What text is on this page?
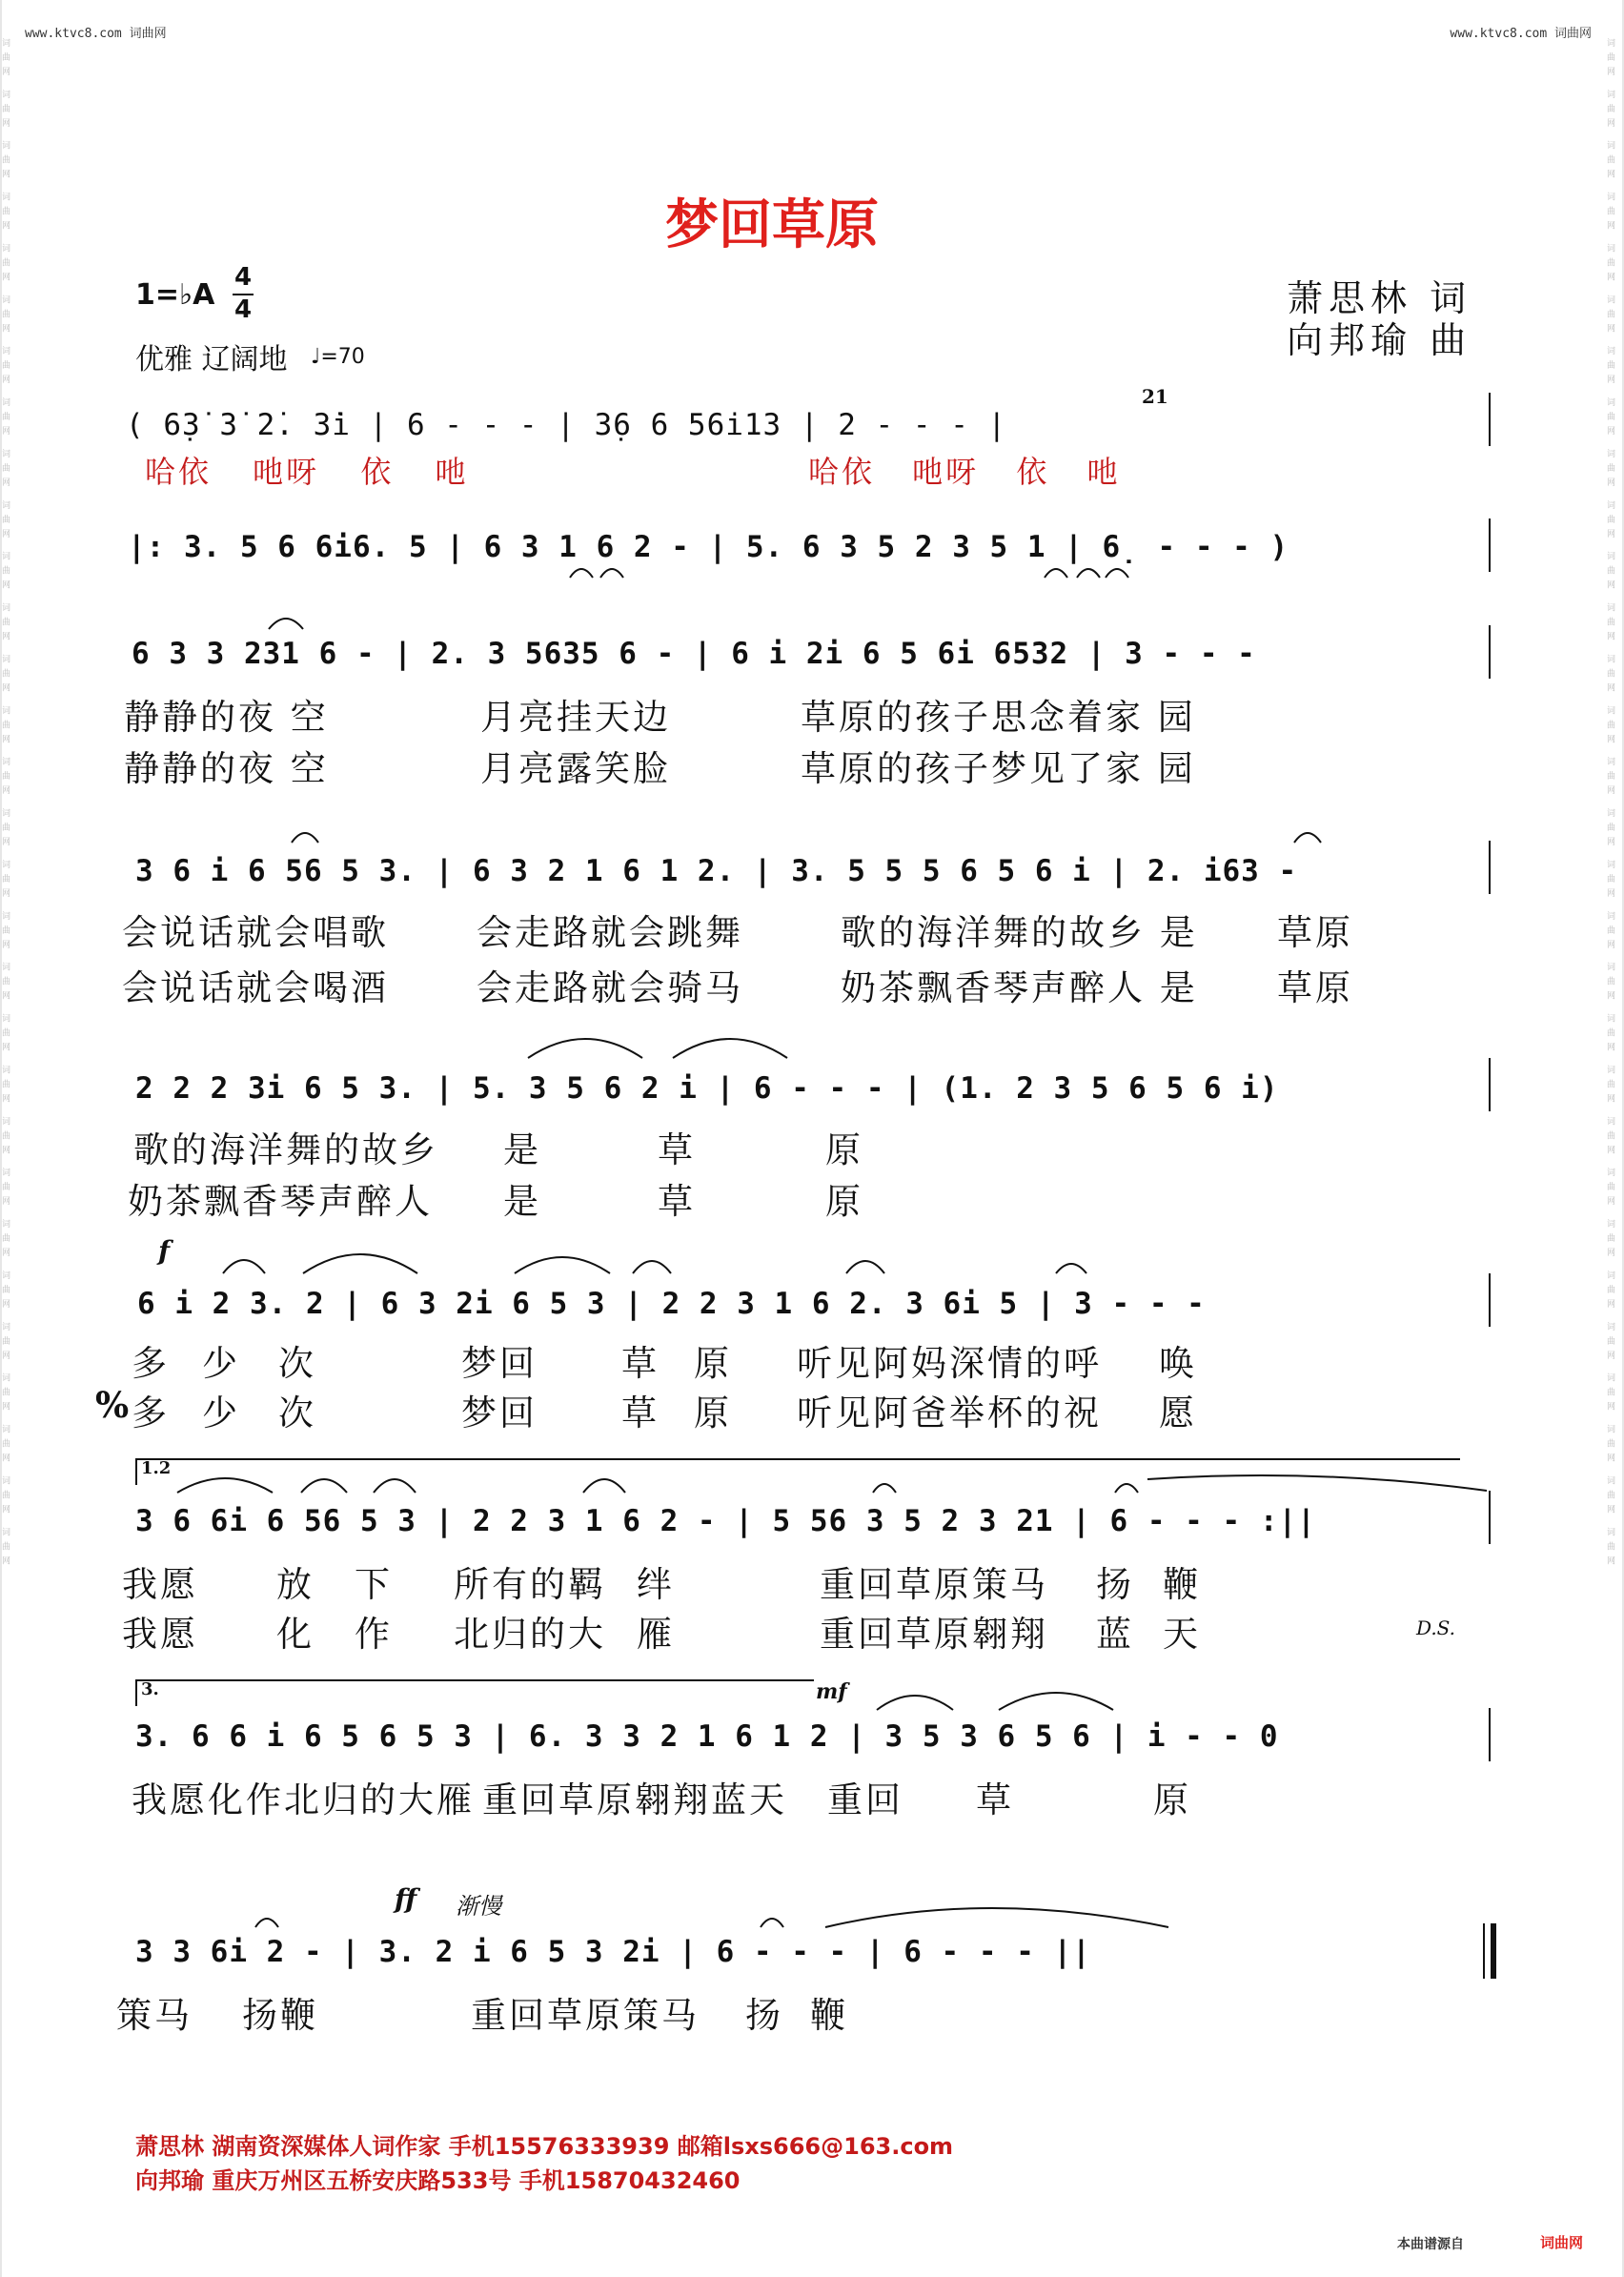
词曲网 词曲网 词曲网 词曲网 词曲网 词曲网 词曲网 词曲网 词曲网 词曲网 词曲网 词曲网 词曲网 词曲网 词曲网 词曲网 词曲网 词曲网 词曲网 词曲网 词曲网 词曲网 词曲网 词曲网 词曲网 词曲网 词曲网 词曲网 词曲网 词曲网
词曲网 词曲网 词曲网 词曲网 词曲网 词曲网 词曲网 词曲网 词曲网 词曲网 词曲网 词曲网 词曲网 词曲网 词曲网 词曲网 词曲网 词曲网 词曲网 词曲网 词曲网 词曲网 词曲网 词曲网 词曲网 词曲网 词曲网 词曲网 词曲网 词曲网
www.ktvc8.com 词曲网	www.ktvc8.com 词曲网
梦回草原
1=♭A
4
4
优雅 辽阔地 ♩=70
萧思林 词
向邦瑜 曲
( 6̣3̇ 3̇ 2̇. 3̇i | 6 - - - | 3̣6 6 56i13 | 2 - - - |
21
哈依 吔呀 依 吔	哈依 吔呀 依 吔
|: 3. 5 6 6i6. 5 | 6 3 1 6 2 - | 5. 6 3 5 2 3 5 1 | 6̣ - - - )
6 3 3 231 6 - | 2. 3 5635 6 - | 6 i 2i 6 5 6i 6532 | 3 - - -
静静的夜 空	月亮挂天边	草原的孩子思念着家 园
静静的夜 空	月亮露笑脸	草原的孩子梦见了家 园
3 6 i 6 56 5 3. | 6 3 2 1 6 1 2. | 3. 5 5 5 6 5 6 i | 2. i63 -
会说话就会唱歌 会走路就会跳舞	歌的海洋舞的故乡 是 草原
会说话就会喝酒 会走路就会骑马	奶茶飘香琴声醉人 是 草原
2 2 2 3i 6 5 3. | 5. 3 5 6 2 i | 6 - - - | (1. 2 3 5 6 5 6 i)
歌的海洋舞的故乡 是	草	原
奶茶飘香琴声醉人 是	草	原
f
6 i 2 3. 2 | 6 3 2i 6 5 3 | 2 2 3 1 6 2. 3 6i 5 | 3 - - -
多 少 次	梦回 草 原 听见阿妈深情的呼 唤
% 多 少 次	梦回 草 原 听见阿爸举杯的祝 愿
1.2
3 6 6i 6 56 5 3 | 2 2 3 1 6 2 - | 5 56 3 5 2 3 21 | 6 - - - :||
我愿 放 下 所有的羁 绊	重回草原策马 扬 鞭
我愿 化 作 北归的大 雁	重回草原翱翔 蓝 天	D.S.
3.	mf
3. 6 6 i 6 5 6 5 3 | 6. 3 3 2 1 6 1 2 | 3 5 3 6 5 6 | i - - 0
我愿化作北归的大雁 重回草原翱翔蓝天 重回 草	原
ff 渐慢
3 3 6i 2 - | 3. 2 i 6 5 3 2i | 6 - - - | 6 - - - ||
策马 扬鞭	重回草原策马 扬 鞭
萧思林 湖南资深媒体人词作家 手机15576333939 邮箱lsxs666@163.com
向邦瑜 重庆万州区五桥安庆路533号 手机15870432460
本曲谱源自	词曲网
